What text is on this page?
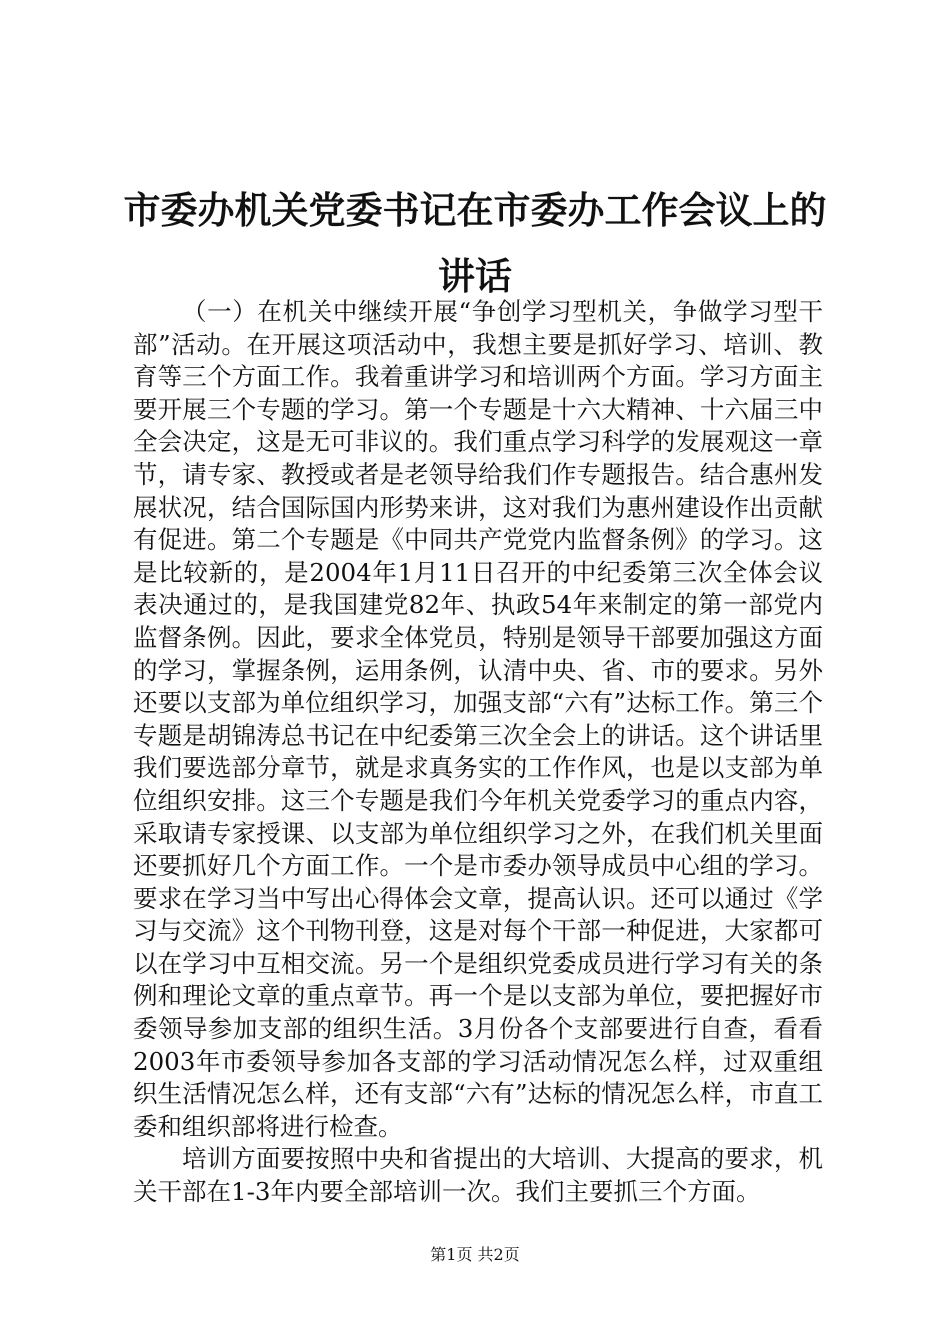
市委办机关党委书记在市委办工作会议上的讲话

（一）在机关中继续开展“争创学习型机关，争做学习型干部”活动。在开展这项活动中，我想主要是抓好学习、培训、教育等三个方面工作。我着重讲学习和培训两个方面。学习方面主要开展三个专题的学习。第一个专题是十六大精神、十六届三中全会决定，这是无可非议的。我们重点学习科学的发展观这一章节，请专家、教授或者是老领导给我们作专题报告。结合惠州发展状况，结合国际国内形势来讲，这对我们为惠州建设作出贡献有促进。第二个专题是《中同共产党党内监督条例》的学习。这是比较新的，是2004年1月11日召开的中纪委第三次全体会议表决通过的，是我国建党82年、执政54年来制定的第一部党内监督条例。因此，要求全体党员，特别是领导干部要加强这方面的学习，掌握条例，运用条例，认清中央、省、市的要求。另外还要以支部为单位组织学习，加强支部“六有”达标工作。第三个专题是胡锦涛总书记在中纪委第三次全会上的讲话。这个讲话里我们要选部分章节，就是求真务实的工作作风，也是以支部为单位组织安排。这三个专题是我们今年机关党委学习的重点内容，采取请专家授课、以支部为单位组织学习之外，在我们机关里面还要抓好几个方面工作。一个是市委办领导成员中心组的学习。要求在学习当中写出心得体会文章，提高认识。还可以通过《学习与交流》这个刊物刊登，这是对每个干部一种促进，大家都可以在学习中互相交流。另一个是组织党委成员进行学习有关的条例和理论文章的重点章节。再一个是以支部为单位，要把握好市委领导参加支部的组织生活。3月份各个支部要进行自查，看看2003年市委领导参加各支部的学习活动情况怎么样，过双重组织生活情况怎么样，还有支部“六有”达标的情况怎么样，市直工委和组织部将进行检查。

培训方面要按照中央和省提出的大培训、大提高的要求，机关干部在1-3年内要全部培训一次。我们主要抓三个方面。

第1页 共2页
